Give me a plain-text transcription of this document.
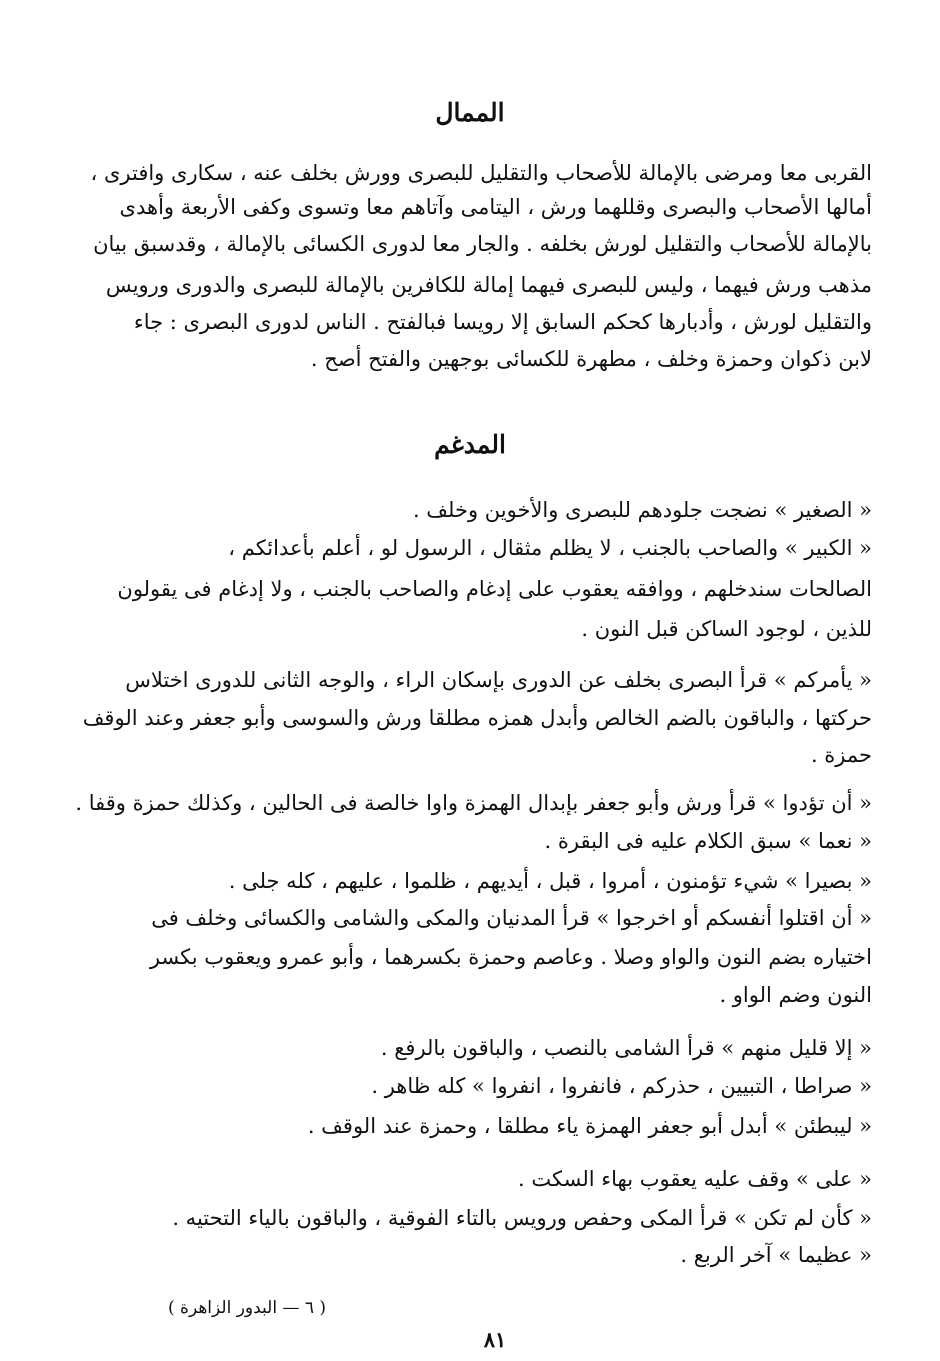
الممال

القربى معا ومرضى بالإمالة للأصحاب والتقليل للبصرى وورش بخلف عنه ، سكارى وافترى ،

أمالها الأصحاب والبصرى وقللهما ورش ، اليتامى وآتاهم معا وتسوى وكفى الأربعة وأهدى

بالإمالة للأصحاب والتقليل لورش بخلفه . والجار معا لدورى الكسائى بالإمالة ، وقدسبق بيان

مذهب ورش فيهما ، وليس للبصرى فيهما إمالة للكافرين بالإمالة للبصرى والدورى ورويس

والتقليل لورش ، وأدبارها كحكم السابق إلا رويسا فبالفتح . الناس لدورى البصرى : جاء

لابن ذكوان وحمزة وخلف ، مطهرة للكسائى بوجهين والفتح أصح .

المدغم

« الصغير » نضجت جلودهم للبصرى والأخوين وخلف .

« الكبير » والصاحب بالجنب ، لا يظلم مثقال ، الرسول لو ، أعلم بأعدائكم ،

الصالحات سندخلهم ، ووافقه يعقوب على إدغام والصاحب بالجنب ، ولا إدغام فى يقولون

للذين ، لوجود الساكن قبل النون .

« يأمركم » قرأ البصرى بخلف عن الدورى بإسكان الراء ، والوجه الثانى للدورى اختلاس

حركتها ، والباقون بالضم الخالص وأبدل همزه مطلقا ورش والسوسى وأبو جعفر وعند الوقف

حمزة .

« أن تؤدوا » قرأ ورش وأبو جعفر بإبدال الهمزة واوا خالصة فى الحالين ، وكذلك حمزة وقفا .

« نعما » سبق الكلام عليه فى البقرة .

« بصيرا » شيء تؤمنون ، أمروا ، قبل ، أيديهم ، ظلموا ، عليهم ، كله جلى .

« أن اقتلوا أنفسكم أو اخرجوا » قرأ المدنيان والمكى والشامى والكسائى وخلف فى

اختياره بضم النون والواو وصلا . وعاصم وحمزة بكسرهما ، وأبو عمرو ويعقوب بكسر

النون وضم الواو .

« إلا قليل منهم » قرأ الشامى بالنصب ، والباقون بالرفع .

« صراطا ، التبيين ، حذركم ، فانفروا ، انفروا » كله ظاهر .

« ليبطئن » أبدل أبو جعفر الهمزة ياء مطلقا ، وحمزة عند الوقف .

« على » وقف عليه يعقوب بهاء السكت .

« كأن لم تكن » قرأ المكى وحفص ورويس بالتاء الفوقية ، والباقون بالياء التحتيه .

« عظيما » آخر الربع .

( ٦ — البدور الزاهرة )
٨١
